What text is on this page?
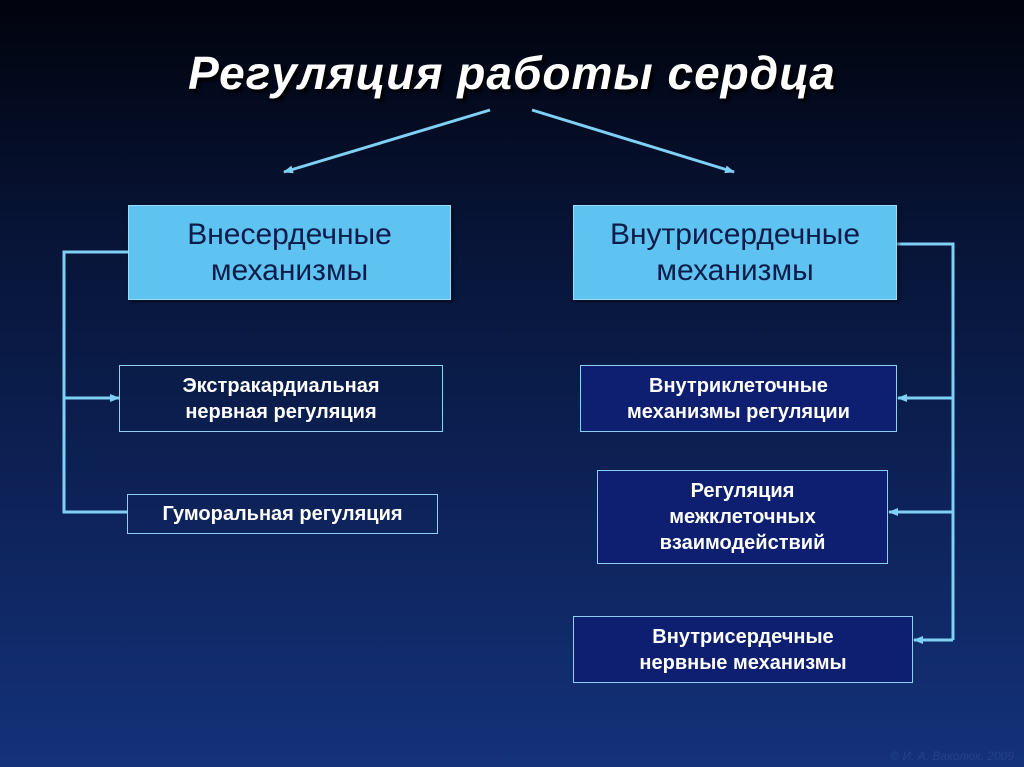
Регуляция работы сердца
Внесердечные
механизмы
Внутрисердечные
механизмы
Экстракардиальная
нервная регуляция
Гуморальная регуляция
Внутриклеточные
механизмы регуляции
Регуляция
межклеточных
взаимодействий
Внутрисердечные
нервные механизмы
© И. А. Ваколюк, 2009
